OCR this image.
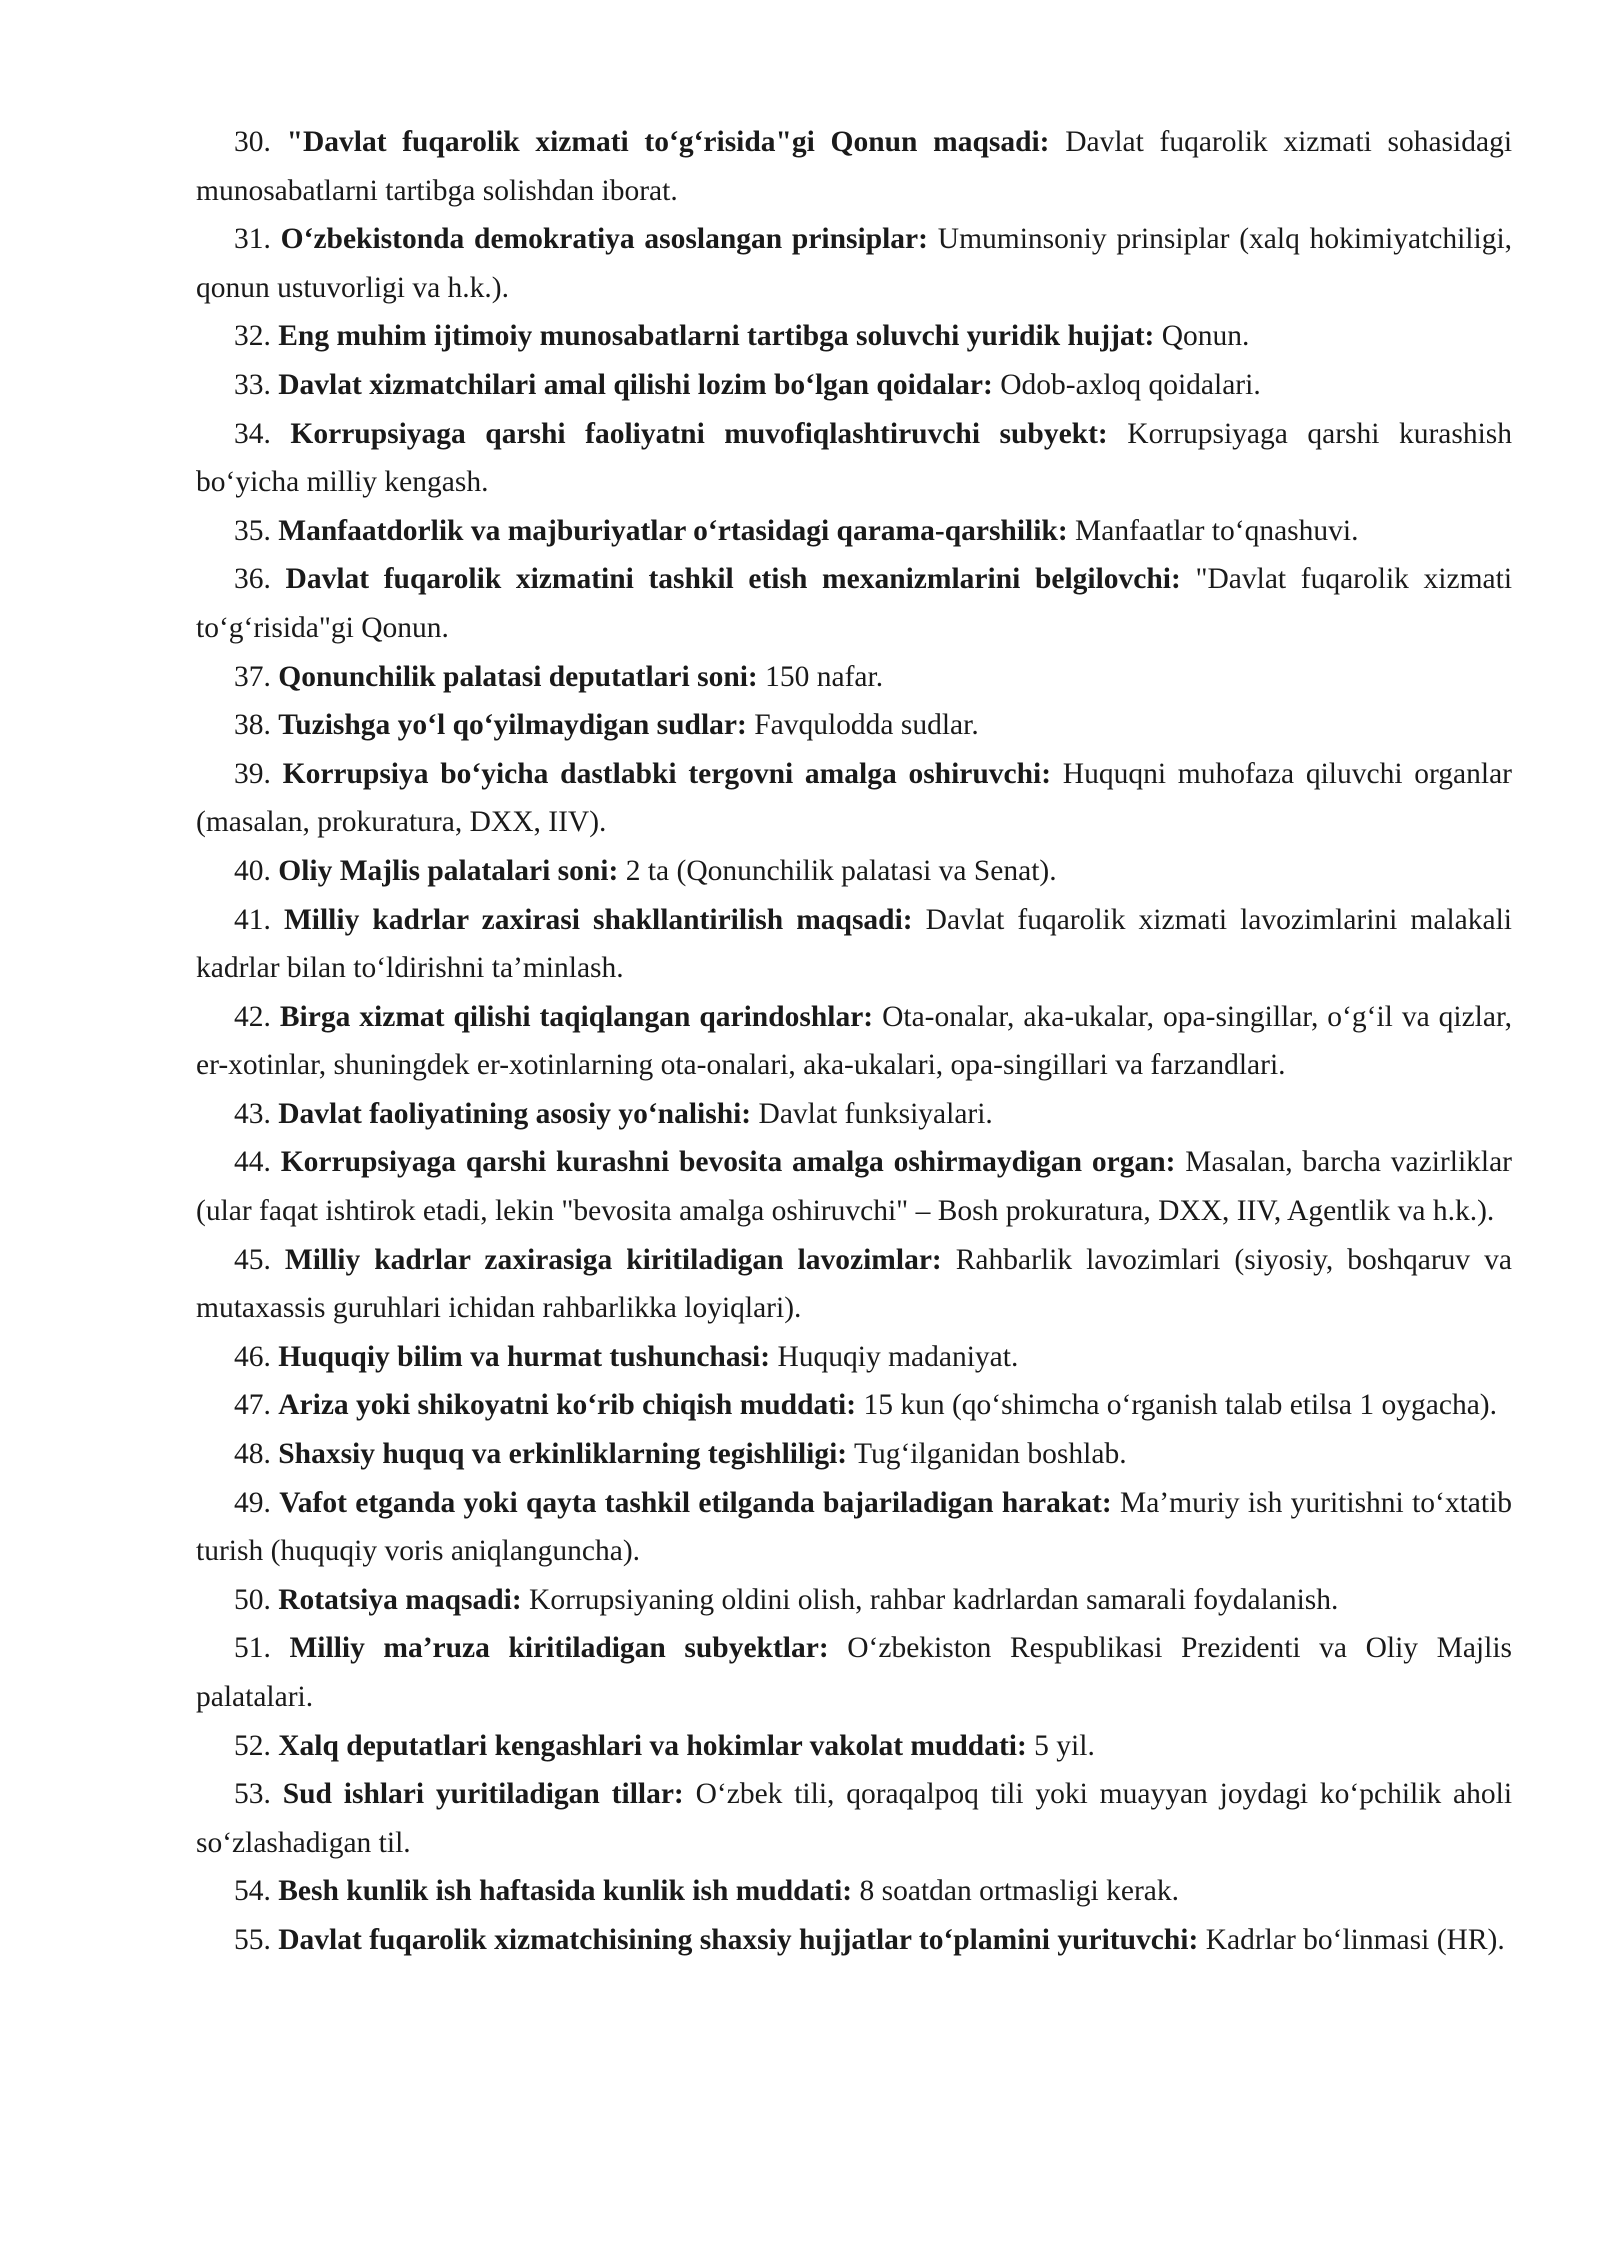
30. "Davlat fuqarolik xizmati to‘g‘risida"gi Qonun maqsadi: Davlat fuqarolik xizmati sohasidagi munosabatlarni tartibga solishdan iborat.

31. O‘zbekistonda demokratiya asoslangan prinsiplar: Umuminsoniy prinsiplar (xalq hokimiyatchiligi, qonun ustuvorligi va h.k.).

32. Eng muhim ijtimoiy munosabatlarni tartibga soluvchi yuridik hujjat: Qonun.

33. Davlat xizmatchilari amal qilishi lozim bo‘lgan qoidalar: Odob-axloq qoidalari.

34. Korrupsiyaga qarshi faoliyatni muvofiqlashtiruvchi subyekt: Korrupsiyaga qarshi kurashish bo‘yicha milliy kengash.

35. Manfaatdorlik va majburiyatlar o‘rtasidagi qarama-qarshilik: Manfaatlar to‘qnashuvi.

36. Davlat fuqarolik xizmatini tashkil etish mexanizmlarini belgilovchi: "Davlat fuqarolik xizmati to‘g‘risida"gi Qonun.

37. Qonunchilik palatasi deputatlari soni: 150 nafar.

38. Tuzishga yo‘l qo‘yilmaydigan sudlar: Favqulodda sudlar.

39. Korrupsiya bo‘yicha dastlabki tergovni amalga oshiruvchi: Huquqni muhofaza qiluvchi organlar (masalan, prokuratura, DXX, IIV).

40. Oliy Majlis palatalari soni: 2 ta (Qonunchilik palatasi va Senat).

41. Milliy kadrlar zaxirasi shakllantirilish maqsadi: Davlat fuqarolik xizmati lavozimlarini malakali kadrlar bilan to‘ldirishni ta’minlash.

42. Birga xizmat qilishi taqiqlangan qarindoshlar: Ota-onalar, aka-ukalar, opa-singillar, o‘g‘il va qizlar, er-xotinlar, shuningdek er-xotinlarning ota-onalari, aka-ukalari, opa-singillari va farzandlari.

43. Davlat faoliyatining asosiy yo‘nalishi: Davlat funksiyalari.

44. Korrupsiyaga qarshi kurashni bevosita amalga oshirmaydigan organ: Masalan, barcha vazirliklar (ular faqat ishtirok etadi, lekin "bevosita amalga oshiruvchi" – Bosh prokuratura, DXX, IIV, Agentlik va h.k.).

45. Milliy kadrlar zaxirasiga kiritiladigan lavozimlar: Rahbarlik lavozimlari (siyosiy, boshqaruv va mutaxassis guruhlari ichidan rahbarlikka loyiqlari).

46. Huquqiy bilim va hurmat tushunchasi: Huquqiy madaniyat.

47. Ariza yoki shikoyatni ko‘rib chiqish muddati: 15 kun (qo‘shimcha o‘rganish talab etilsa 1 oygacha).

48. Shaxsiy huquq va erkinliklarning tegishliligi: Tug‘ilganidan boshlab.

49. Vafot etganda yoki qayta tashkil etilganda bajariladigan harakat: Ma’muriy ish yuritishni to‘xtatib turish (huquqiy voris aniqlanguncha).

50. Rotatsiya maqsadi: Korrupsiyaning oldini olish, rahbar kadrlardan samarali foydalanish.

51. Milliy ma’ruza kiritiladigan subyektlar: O‘zbekiston Respublikasi Prezidenti va Oliy Majlis palatalari.

52. Xalq deputatlari kengashlari va hokimlar vakolat muddati: 5 yil.

53. Sud ishlari yuritiladigan tillar: O‘zbek tili, qoraqalpoq tili yoki muayyan joydagi ko‘pchilik aholi so‘zlashadigan til.

54. Besh kunlik ish haftasida kunlik ish muddati: 8 soatdan ortmasligi kerak.

55. Davlat fuqarolik xizmatchisining shaxsiy hujjatlar to‘plamini yurituvchi: Kadrlar bo‘linmasi (HR).
